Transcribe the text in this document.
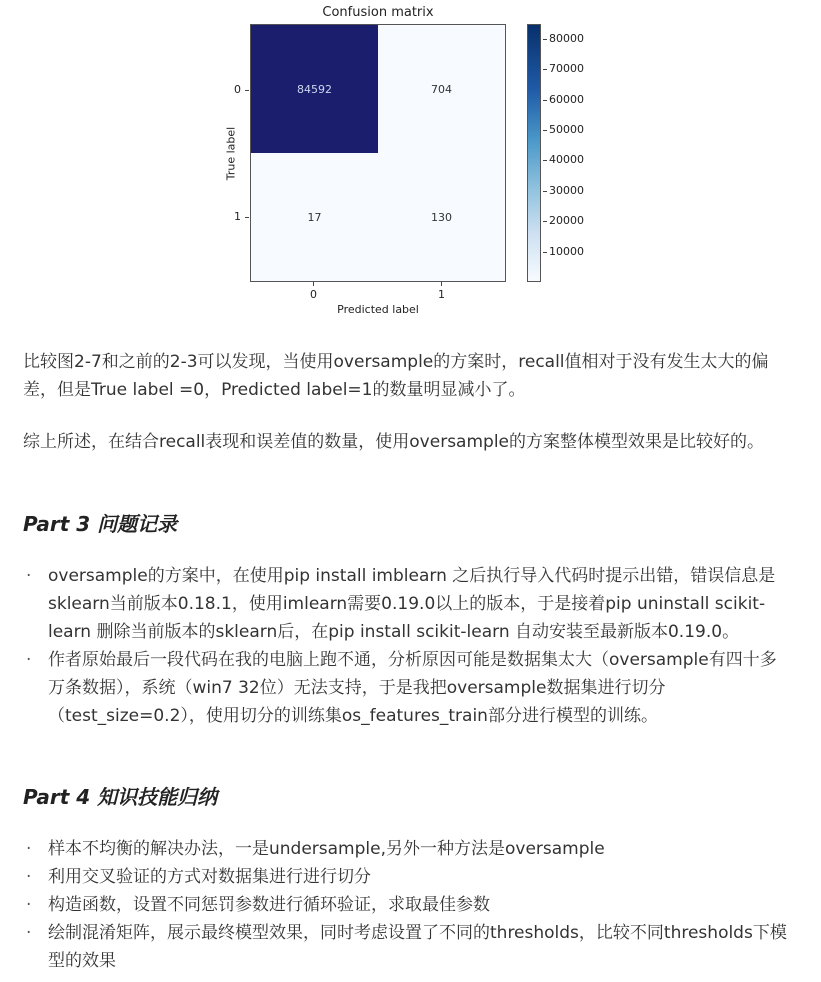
Confusion matrix
84592	704
17	130
0
1
0	1
True label
Predicted label
80000
70000
60000
50000
40000
30000
20000
10000

比较图2-7和之前的2-3可以发现，当使用oversample的方案时，recall值相对于没有发生太大的偏差，但是True label =0，Predicted label=1的数量明显减小了。

综上所述，在结合recall表现和误差值的数量，使用oversample的方案整体模型效果是比较好的。

Part 3 问题记录
· oversample的方案中，在使用pip install imblearn 之后执行导入代码时提示出错，错误信息是sklearn当前版本0.18.1，使用imlearn需要0.19.0以上的版本，于是接着pip uninstall scikit-learn 删除当前版本的sklearn后，在pip install scikit-learn 自动安装至最新版本0.19.0。
· 作者原始最后一段代码在我的电脑上跑不通，分析原因可能是数据集太大（oversample有四十多万条数据），系统（win7 32位）无法支持，于是我把oversample数据集进行切分（test_size=0.2），使用切分的训练集os_features_train部分进行模型的训练。
Part 4 知识技能归纳
· 样本不均衡的解决办法，一是undersample,另外一种方法是oversample
· 利用交叉验证的方式对数据集进行进行切分
· 构造函数，设置不同惩罚参数进行循环验证，求取最佳参数
· 绘制混淆矩阵，展示最终模型效果，同时考虑设置了不同的thresholds，比较不同thresholds下模型的效果
